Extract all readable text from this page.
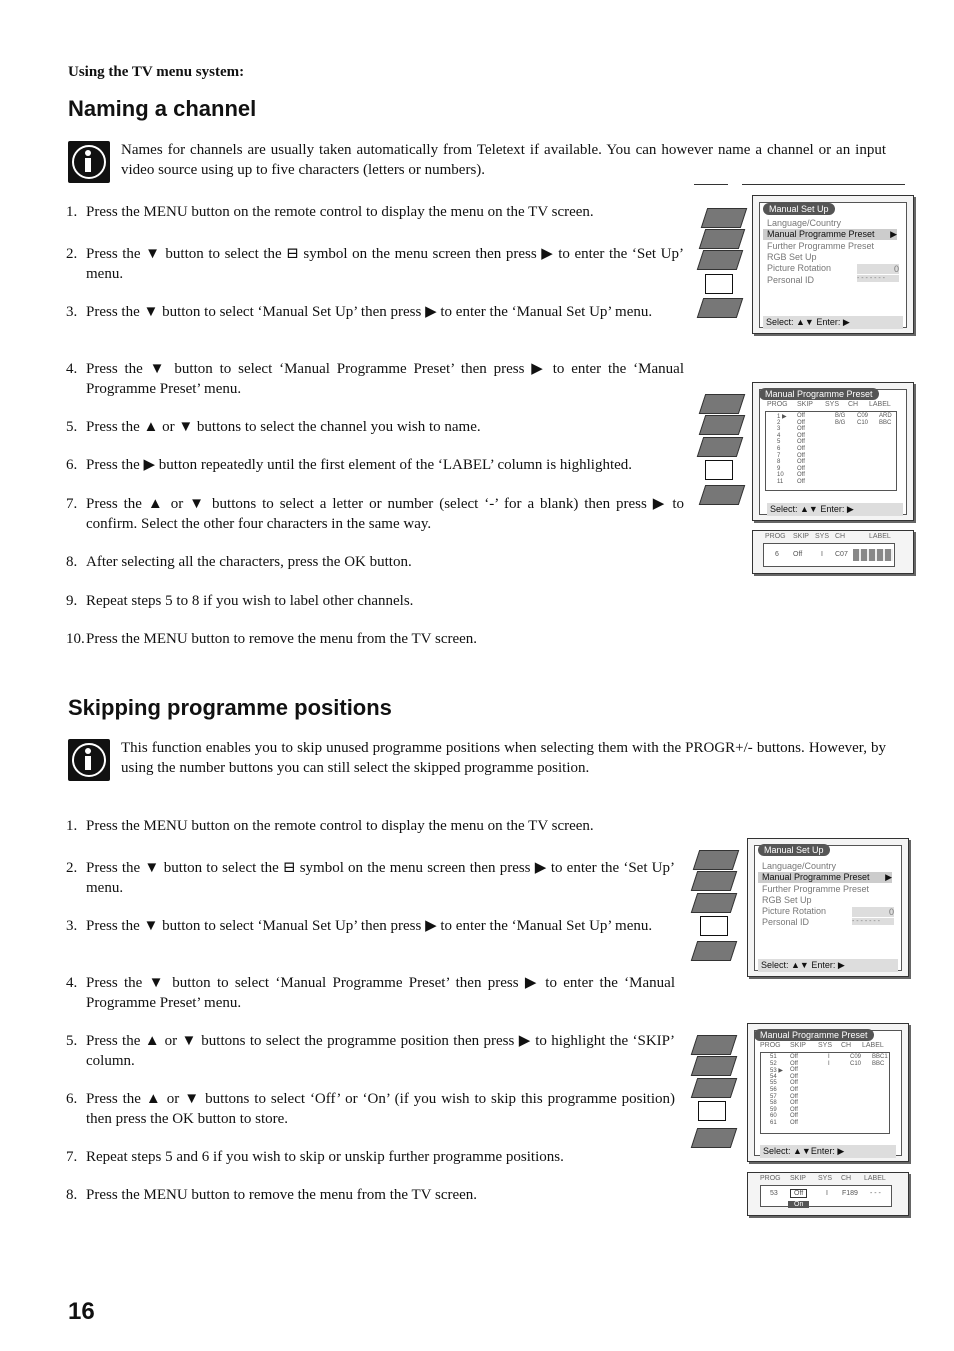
Using the TV menu system:
Naming a channel
Names for channels are usually taken automatically from Teletext if available. You can however name a channel or an input video source using up to five characters (letters or numbers).
1. Press the MENU button on the remote control to display the menu on the TV screen.
2. Press the ▼ button to select the ⊟ symbol on the menu screen then press ▶ to enter the ‘Set Up’ menu.
3. Press the ▼ button to select ‘Manual Set Up’ then press ▶ to enter the ‘Manual Set Up’ menu.
4. Press the ▼ button to select ‘Manual Programme Preset’ then press ▶ to enter the ‘Manual Programme Preset’ menu.
5. Press the ▲ or ▼ buttons to select the channel you wish to name.
6. Press the ▶ button repeatedly until the first element of the ‘LABEL’ column is highlighted.
7. Press the ▲ or ▼ buttons to select a letter or number (select ‘-’ for a blank) then press ▶ to confirm. Select the other four characters in the same way.
8. After selecting all the characters, press the OK button.
9. Repeat steps 5 to 8 if you wish to label other channels.
10. Press the MENU button to remove the menu from the TV screen.
Skipping programme positions
This function enables you to skip unused programme positions when selecting them with the PROGR+/- buttons. However, by using the number buttons you can still select the skipped programme position.
1. Press the MENU button on the remote control to display the menu on the TV screen.
2. Press the ▼ button to select the ⊟ symbol on the menu screen then press ▶ to enter the ‘Set Up’ menu.
3. Press the ▼ button to select ‘Manual Set Up’ then press ▶ to enter the ‘Manual Set Up’ menu.
4. Press the ▼ button to select ‘Manual Programme Preset’ then press ▶ to enter the ‘Manual Programme Preset’ menu.
5. Press the ▲ or ▼ buttons to select the programme position then press ▶ to highlight the ‘SKIP’ column.
6. Press the ▲ or ▼ buttons to select ‘Off’ or ‘On’ (if you wish to skip this programme position) then press the OK button to store.
7. Repeat steps 5 and 6 if you wish to skip or unskip further programme positions.
8. Press the MENU button to remove the menu from the TV screen.
16
Manual Set Up
Language/Country
Manual Programme Preset ▶
Further Programme Preset
RGB Set Up
Picture Rotation
Personal ID
0
- - - - - - -
Select: ▲▼ Enter: ▶
Manual Programme Preset
PROG SKIP SYS CH LABEL
1 ▶ Off	B/G C09 ARD
2	Off	B/G C10 BBC
3	Off
4	Off
5	Off
6	Off
7	Off
8	Off
9	Off
10 Off
11 Off
Select: ▲▼ Enter: ▶
PROG SKIP SYS CH	LABEL
6 Off	I C07
Manual Set Up
Language/Country
Manual Programme Preset ▶
Further Programme Preset
RGB Set Up
Picture Rotation
Personal ID
0
- - - - - - -
Select: ▲▼ Enter: ▶
Manual Programme Preset
PROG SKIP SYS CH LABEL
51 Off	I	C09 BBC1
52 Off	I	C10 BBC
53 ▶ Off
54 Off
55 Off
56 Off
57 Off
58 Off
59 Off
60 Off
61 Off
Select: ▲▼Enter: ▶
PROG SKIP SYS CH LABEL
53	Off	I F189 - - -
On
